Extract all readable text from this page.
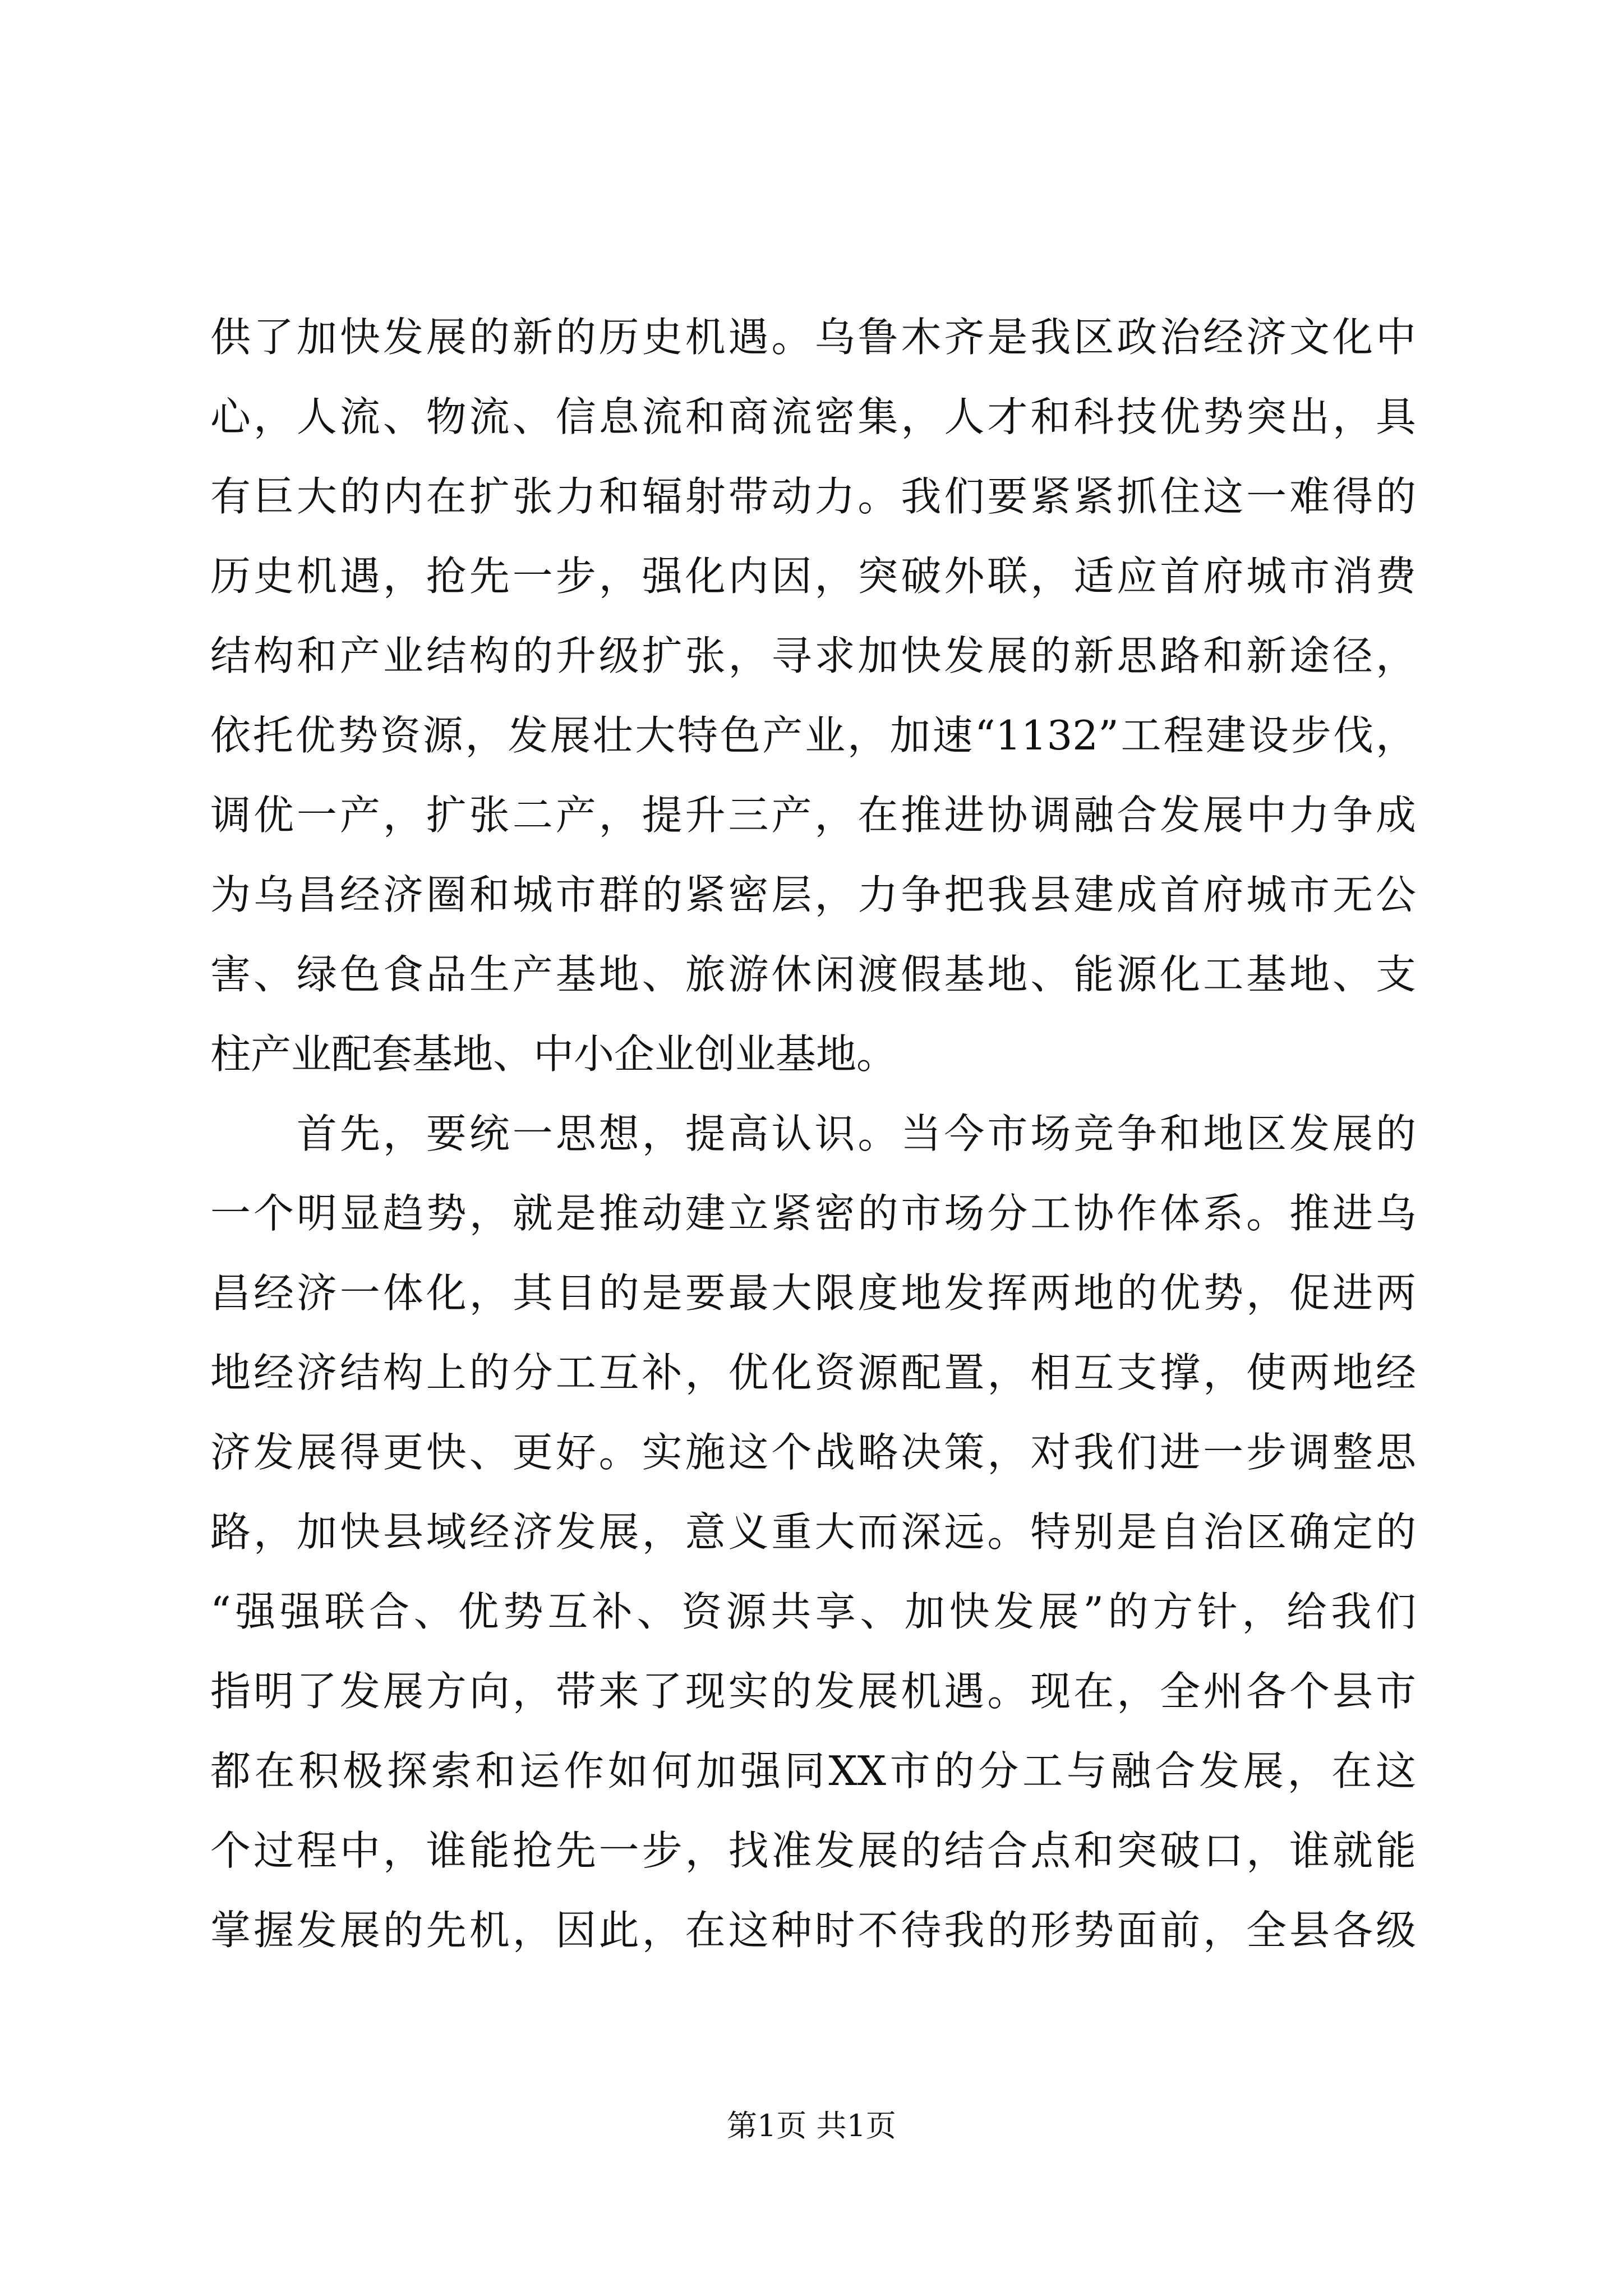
供了加快发展的新的历史机遇。乌鲁木齐是我区政治经济文化中
心，人流、物流、信息流和商流密集，人才和科技优势突出，具
有巨大的内在扩张力和辐射带动力。我们要紧紧抓住这一难得的
历史机遇，抢先一步，强化内因，突破外联，适应首府城市消费
结构和产业结构的升级扩张，寻求加快发展的新思路和新途径，
依托优势资源，发展壮大特色产业，加速“1132”工程建设步伐，
调优一产，扩张二产，提升三产，在推进协调融合发展中力争成
为乌昌经济圈和城市群的紧密层，力争把我县建成首府城市无公
害、绿色食品生产基地、旅游休闲渡假基地、能源化工基地、支
柱产业配套基地、中小企业创业基地。
　　首先，要统一思想，提高认识。当今市场竞争和地区发展的
一个明显趋势，就是推动建立紧密的市场分工协作体系。推进乌
昌经济一体化，其目的是要最大限度地发挥两地的优势，促进两
地经济结构上的分工互补，优化资源配置，相互支撑，使两地经
济发展得更快、更好。实施这个战略决策，对我们进一步调整思
路，加快县域经济发展，意义重大而深远。特别是自治区确定的
“强强联合、优势互补、资源共享、加快发展”的方针，给我们
指明了发展方向，带来了现实的发展机遇。现在，全州各个县市
都在积极探索和运作如何加强同XX市的分工与融合发展，在这
个过程中，谁能抢先一步，找准发展的结合点和突破口，谁就能
掌握发展的先机，因此，在这种时不待我的形势面前，全县各级
第1页 共1页
